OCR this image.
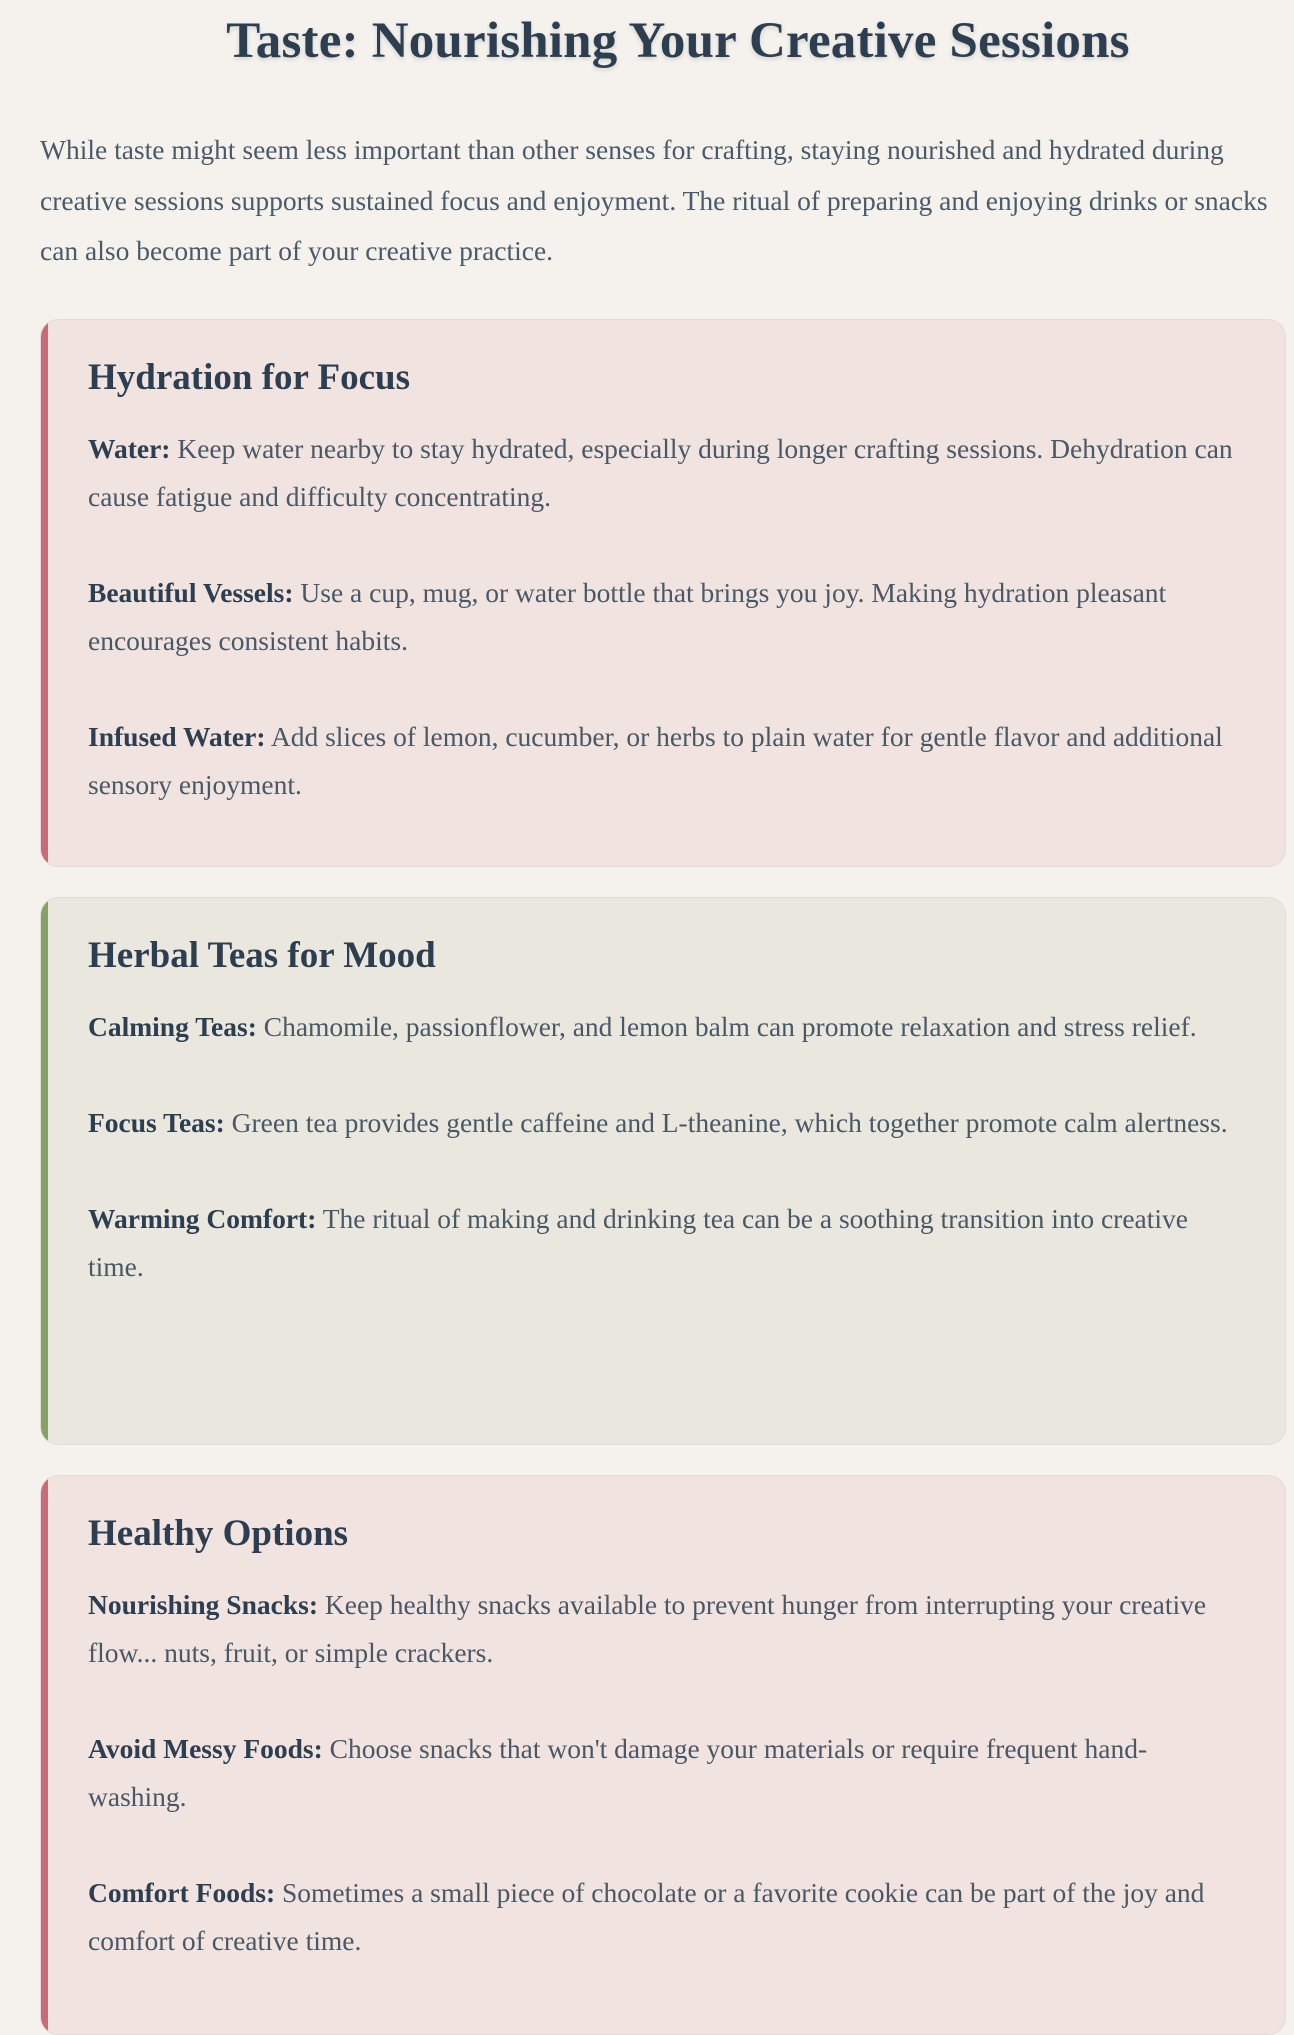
Taste: Nourishing Your Creative Sessions

While taste might seem less important than other senses for crafting, staying nourished and hydrated during creative sessions supports sustained focus and enjoyment. The ritual of preparing and enjoying drinks or snacks can also become part of your creative practice.

Hydration for Focus

Water: Keep water nearby to stay hydrated, especially during longer crafting sessions. Dehydration can cause fatigue and difficulty concentrating.

Beautiful Vessels: Use a cup, mug, or water bottle that brings you joy. Making hydration pleasant encourages consistent habits.

Infused Water: Add slices of lemon, cucumber, or herbs to plain water for gentle flavor and additional sensory enjoyment.

Herbal Teas for Mood

Calming Teas: Chamomile, passionflower, and lemon balm can promote relaxation and stress relief.

Focus Teas: Green tea provides gentle caffeine and L-theanine, which together promote calm alertness.

Warming Comfort: The ritual of making and drinking tea can be a soothing transition into creative time.

Healthy Options

Nourishing Snacks: Keep healthy snacks available to prevent hunger from interrupting your creative flow... nuts, fruit, or simple crackers.

Avoid Messy Foods: Choose snacks that won't damage your materials or require frequent hand-washing.

Comfort Foods: Sometimes a small piece of chocolate or a favorite cookie can be part of the joy and comfort of creative time.
